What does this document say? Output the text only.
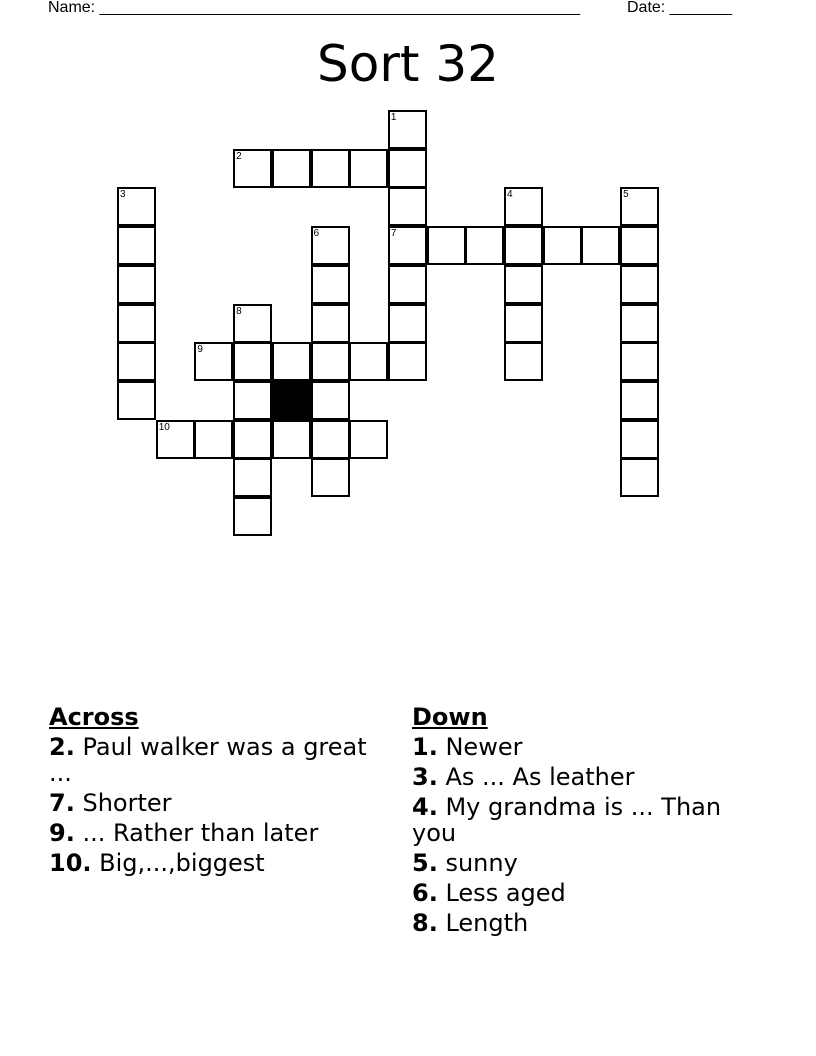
Name: ______________________________________________________	Date: _______
Sort 32
1
2
3	4	5
6	7
8
9
10
Across
2. Paul walker was a great ...
7. Shorter
9. ... Rather than later
10. Big,...,biggest
Down
1. Newer
3. As ... As leather
4. My grandma is ... Than you
5. sunny
6. Less aged
8. Length
